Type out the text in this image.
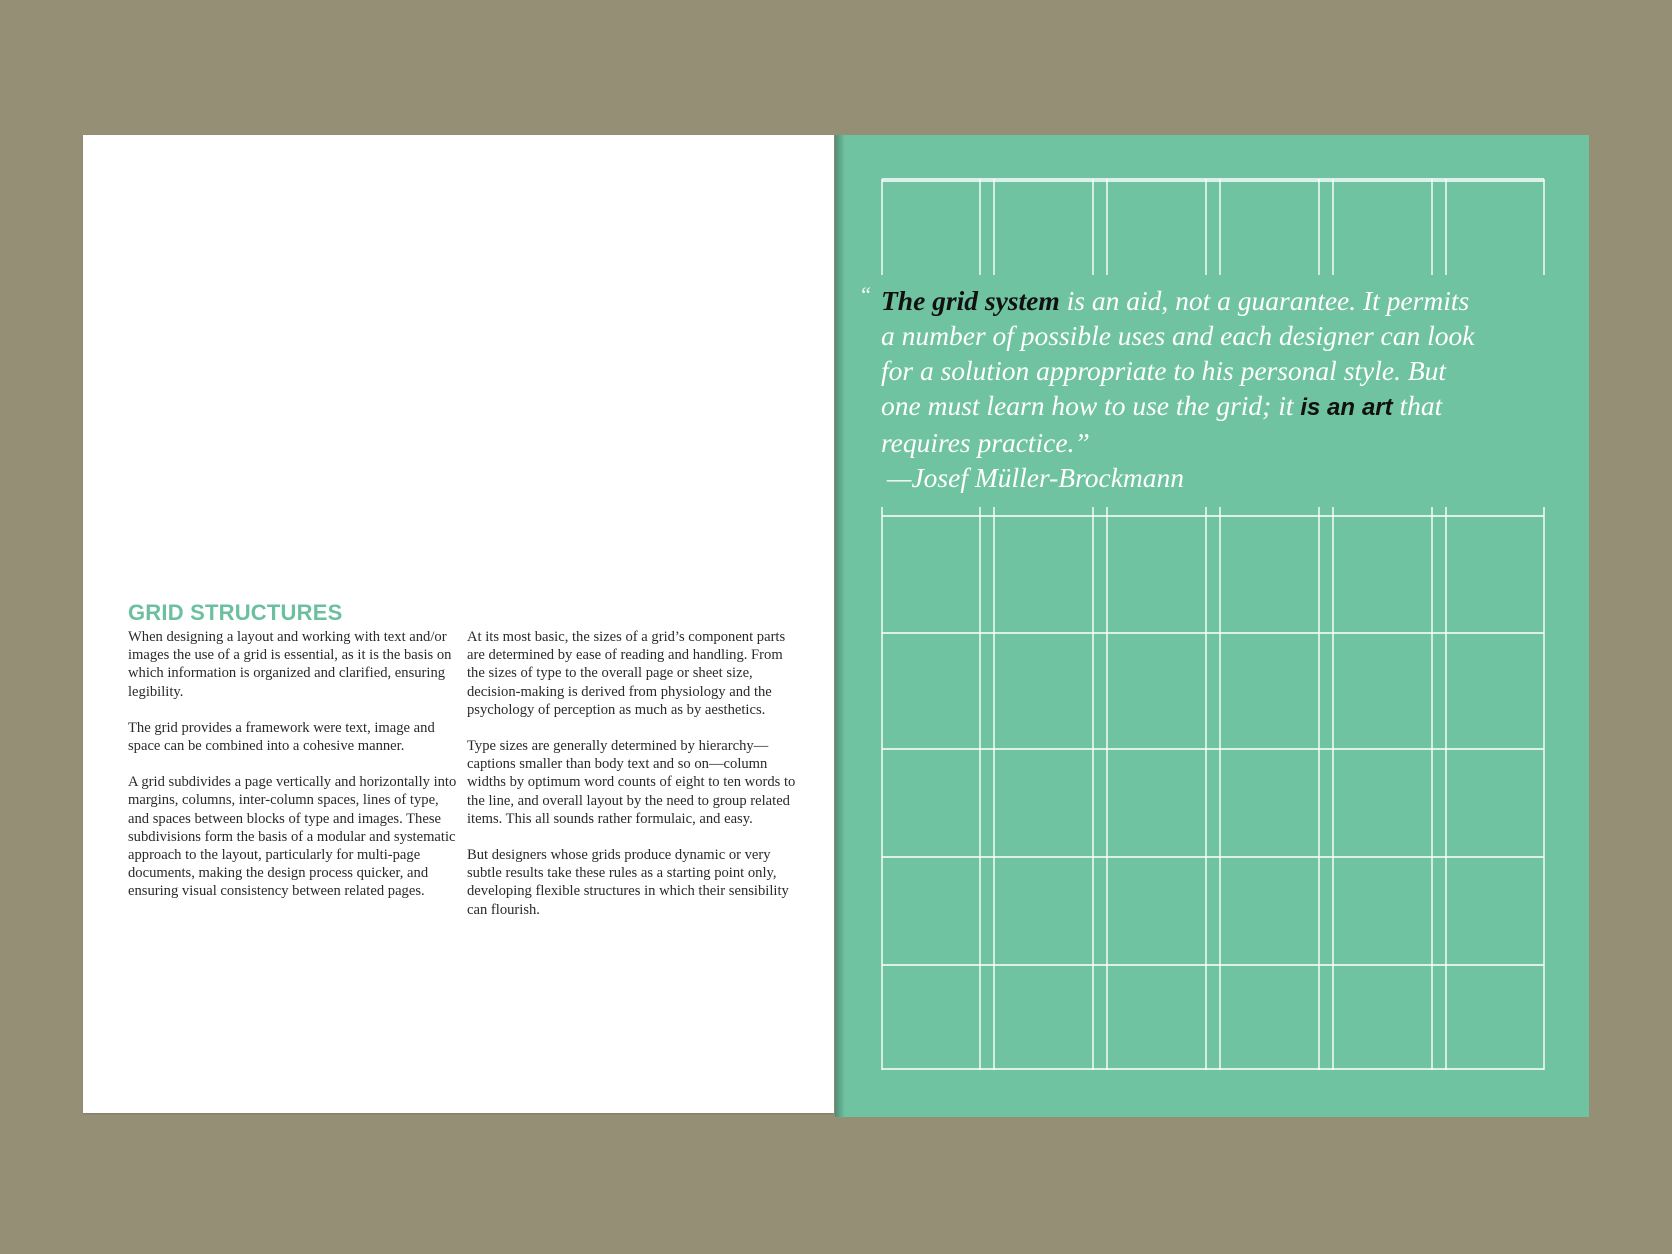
GRID STRUCTURES

When designing a layout and working with text and/or images the use of a grid is essential, as it is the basis on which information is organized and clarified, ensuring legibility.

The grid provides a framework were text, image and space can be combined into a cohesive manner.

A grid subdivides a page vertically and horizontally into margins, columns, inter-column spaces, lines of type, and spaces between blocks of type and images. These subdivisions form the basis of a modular and systematic approach to the layout, particularly for multi-page documents, making the design process quicker, and ensuring visual consistency between related pages.

At its most basic, the sizes of a grid’s component parts are determined by ease of reading and handling. From the sizes of type to the overall page or sheet size, decision-making is derived from physiology and the psychology of perception as much as by aesthetics.

Type sizes are generally determined by hierarchy—captions smaller than body text and so on—column widths by optimum word counts of eight to ten words to the line, and overall layout by the need to group related items. This all sounds rather formulaic, and easy.

But designers whose grids produce dynamic or very subtle results take these rules as a starting point only, developing flexible structures in which their sensibility can flourish.

“ The grid system is an aid, not a guarantee. It permits a number of possible uses and each designer can look for a solution appropriate to his personal style. But one must learn how to use the grid; it is an art that requires practice.”
—Josef Müller-Brockmann
